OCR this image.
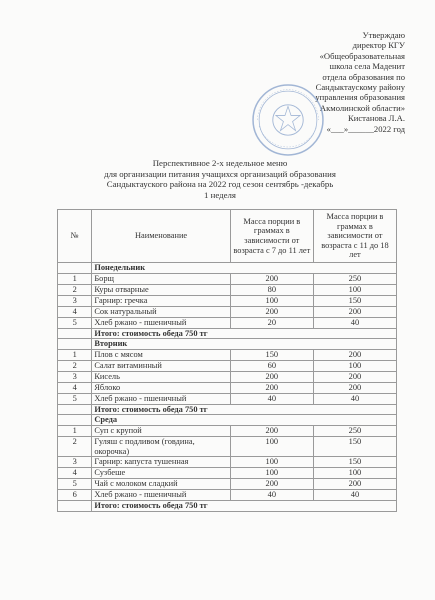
Утверждаю
директор КГУ
«Общеобразовательная
школа села Маденит
отдела образования по
Сандыктаускому району
управления образования
Акмолинской области»
Кистанова Л.А.
«___»______2022 год
Перспективное 2-х недельное меню
для организации питания учащихся организаций образования
Сандыктауского района на 2022 год сезон сентябрь -декабрь
1 неделя
№	Наименование	Масса порции в граммах в зависимости от возраста с 7 до 11 лет	Масса порции в граммах в зависимости от возраста с 11 до 18 лет
	Понедельник		
1	Борщ	200	250
2	Куры отварные	80	100
3	Гарнир: гречка	100	150
4	Сок натуральный	200	200
5	Хлеб ржано - пшеничный	20	40
	Итого: стоимость обеда 750 тг		
	Вторник		
1	Плов с мясом	150	200
2	Салат витаминный	60	100
3	Кисель	200	200
4	Яблоко	200	200
5	Хлеб ржано - пшеничный	40	40
	Итого: стоимость обеда 750 тг		
	Среда		
1	Суп с крупой	200	250
2	Гуляш с подливом (говдина, окорочка)	100	150
3	Гарнир: капуста тушенная	100	150
4	Сузбеше	100	100
5	Чай с молоком сладкий	200	200
6	Хлеб ржано - пшеничный	40	40
	Итого: стоимость обеда 750 тг		
